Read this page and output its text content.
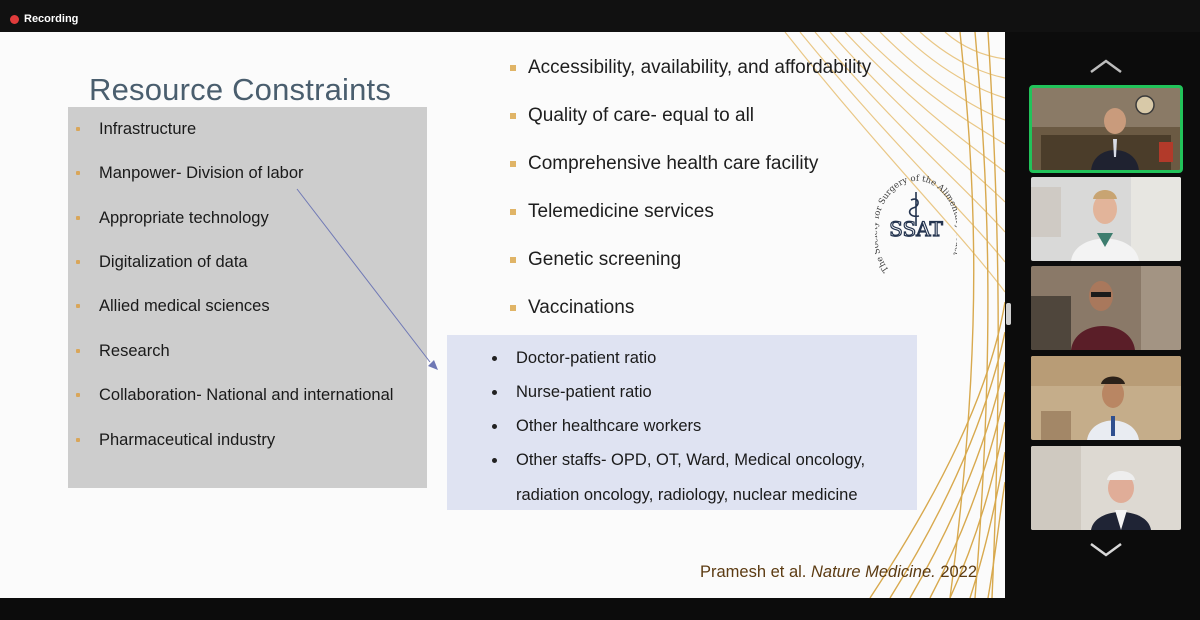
Recording
Resource Constraints
Infrastructure
Manpower- Division of labor
Appropriate technology
Digitalization of data
Allied medical sciences
Research
Collaboration- National and international
Pharmaceutical industry
Accessibility, availability, and affordability
Quality of care- equal to all
Comprehensive health care facility
Telemedicine services
Genetic screening
Vaccinations
Doctor-patient ratio
Nurse-patient ratio
Other healthcare workers
Other staffs- OPD, OT, Ward, Medical oncology,
radiation oncology, radiology, nuclear medicine
The r Surgery of the Alime
SSAT
Pramesh et al. Nature Medicine. 2022
